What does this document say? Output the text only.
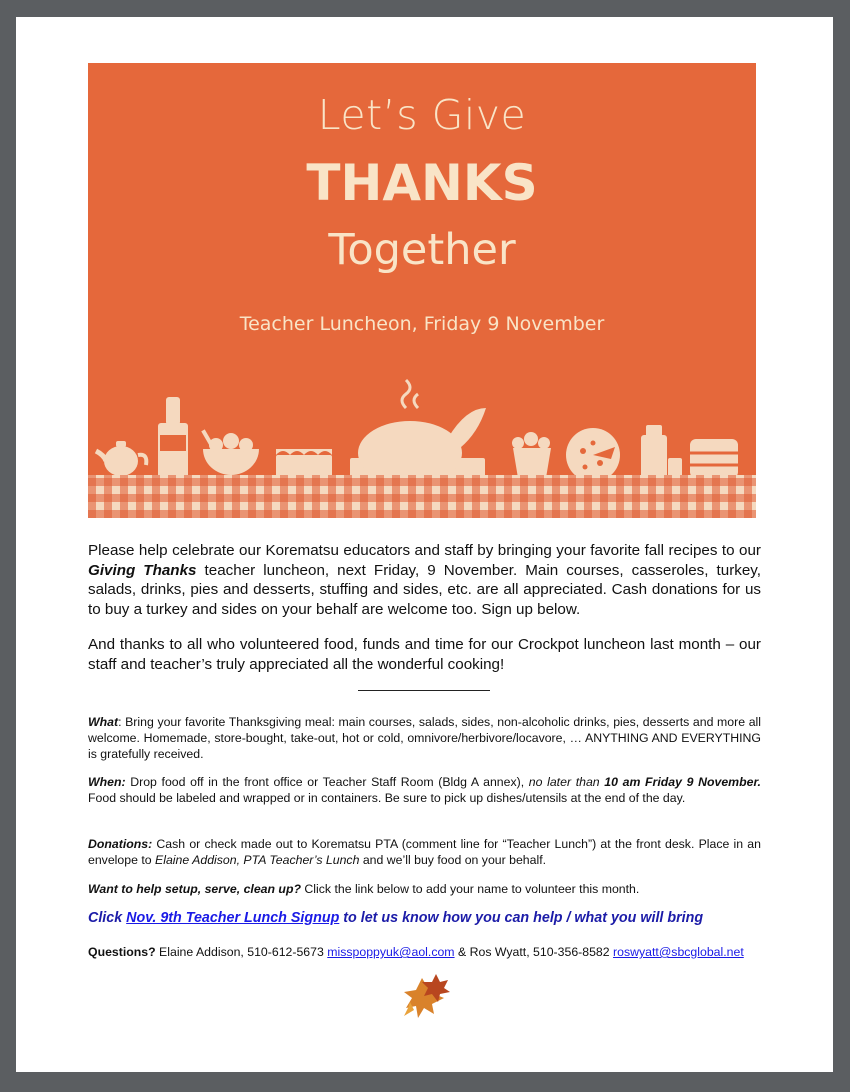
Let’s Give
THANKS
Together
Teacher Luncheon, Friday 9 November
Please help celebrate our Korematsu educators and staff by bringing your favorite fall recipes to our Giving Thanks teacher luncheon, next Friday, 9 November. Main courses, casseroles, turkey, salads, drinks, pies and desserts, stuffing and sides, etc. are all appreciated. Cash donations for us to buy a turkey and sides on your behalf are welcome too. Sign up below.
And thanks to all who volunteered food, funds and time for our Crockpot luncheon last month – our staff and teacher’s truly appreciated all the wonderful cooking!
What: Bring your favorite Thanksgiving meal: main courses, salads, sides, non-alcoholic drinks, pies, desserts and more all welcome. Homemade, store-bought, take-out, hot or cold, omnivore/herbivore/locavore, … ANYTHING AND EVERYTHING is gratefully received.
When: Drop food off in the front office or Teacher Staff Room (Bldg A annex), no later than 10 am Friday 9 November. Food should be labeled and wrapped or in containers. Be sure to pick up dishes/utensils at the end of the day.
Donations: Cash or check made out to Korematsu PTA (comment line for “Teacher Lunch”) at the front desk. Place in an envelope to Elaine Addison, PTA Teacher’s Lunch and we’ll buy food on your behalf.
Want to help setup, serve, clean up? Click the link below to add your name to volunteer this month.
Click Nov. 9th Teacher Lunch Signup to let us know how you can help / what you will bring
Questions? Elaine Addison, 510-612-5673 misspoppyuk@aol.com & Ros Wyatt, 510-356-8582 roswyatt@sbcglobal.net
